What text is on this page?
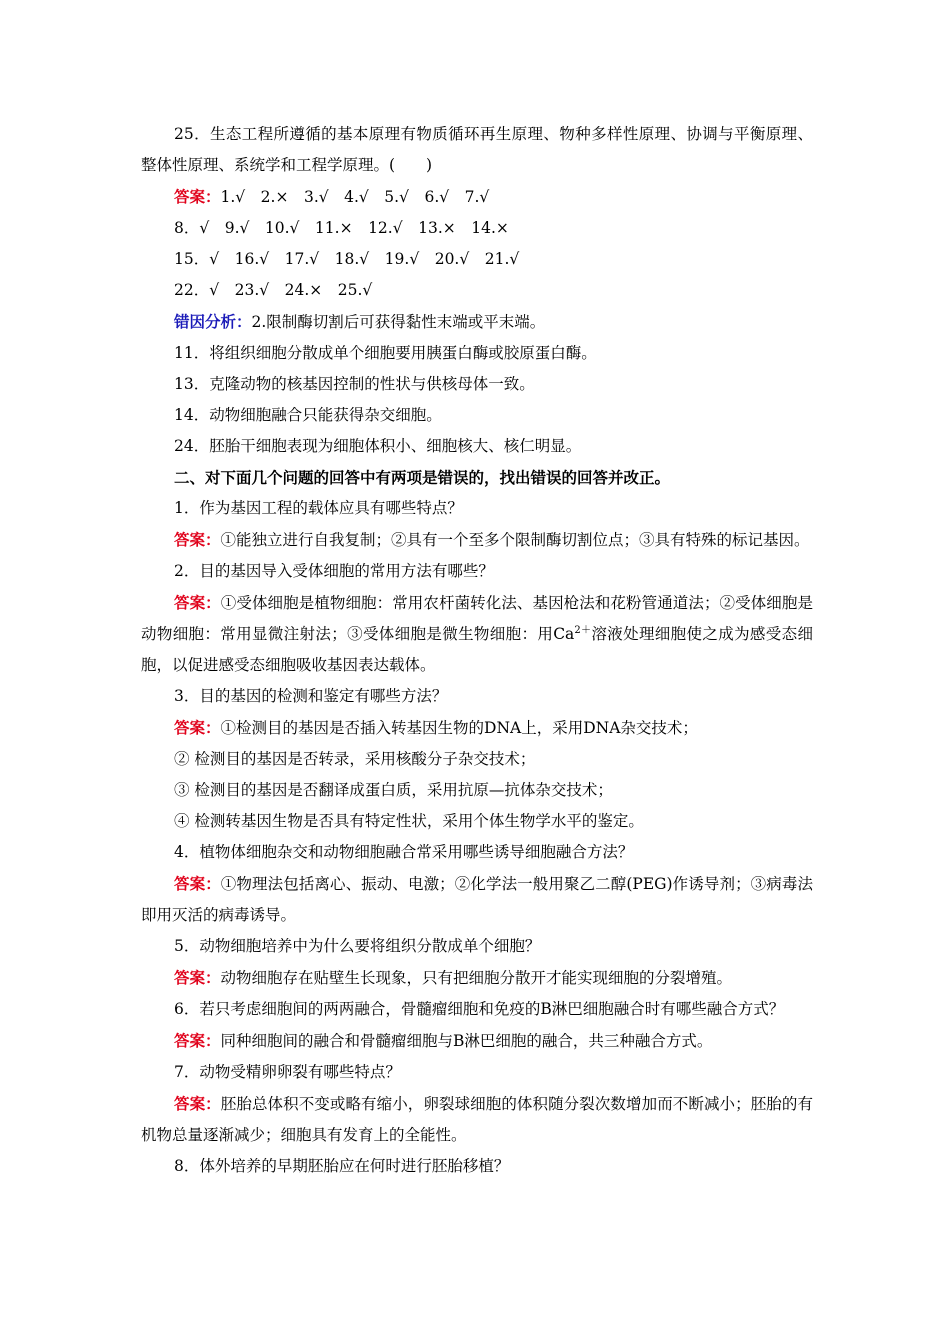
25．生态工程所遵循的基本原理有物质循环再生原理、物种多样性原理、协调与平衡原理、整体性原理、系统学和工程学原理。(　　)

答案：1.√　2.×　3.√　4.√　5.√　6.√　7.√

8．√　9.√　10.√　11.×　12.√　13.×　14.×

15．√　16.√　17.√　18.√　19.√　20.√　21.√

22．√　23.√　24.×　25.√

错因分析：2.限制酶切割后可获得黏性末端或平末端。

11．将组织细胞分散成单个细胞要用胰蛋白酶或胶原蛋白酶。

13．克隆动物的核基因控制的性状与供核母体一致。

14．动物细胞融合只能获得杂交细胞。

24．胚胎干细胞表现为细胞体积小、细胞核大、核仁明显。

二、对下面几个问题的回答中有两项是错误的，找出错误的回答并改正。

1．作为基因工程的载体应具有哪些特点？

答案：①能独立进行自我复制；②具有一个至多个限制酶切割位点；③具有特殊的标记基因。

2．目的基因导入受体细胞的常用方法有哪些？

答案：①受体细胞是植物细胞：常用农杆菌转化法、基因枪法和花粉管通道法；②受体细胞是动物细胞：常用显微注射法；③受体细胞是微生物细胞：用$Ca^{2+}$溶液处理细胞使之成为感受态细胞，以促进感受态细胞吸收基因表达载体。

3．目的基因的检测和鉴定有哪些方法？

答案：①检测目的基因是否插入转基因生物的DNA上，采用DNA杂交技术；

② 检测目的基因是否转录，采用核酸分子杂交技术；

③ 检测目的基因是否翻译成蛋白质，采用抗原—抗体杂交技术；

④ 检测转基因生物是否具有特定性状，采用个体生物学水平的鉴定。

4．植物体细胞杂交和动物细胞融合常采用哪些诱导细胞融合方法？

答案：①物理法包括离心、振动、电激；②化学法一般用聚乙二醇(PEG)作诱导剂；③病毒法即用灭活的病毒诱导。

5．动物细胞培养中为什么要将组织分散成单个细胞？

答案：动物细胞存在贴壁生长现象，只有把细胞分散开才能实现细胞的分裂增殖。

6．若只考虑细胞间的两两融合，骨髓瘤细胞和免疫的B淋巴细胞融合时有哪些融合方式？

答案：同种细胞间的融合和骨髓瘤细胞与B淋巴细胞的融合，共三种融合方式。

7．动物受精卵卵裂有哪些特点？

答案：胚胎总体积不变或略有缩小，卵裂球细胞的体积随分裂次数增加而不断减小；胚胎的有机物总量逐渐减少；细胞具有发育上的全能性。

8．体外培养的早期胚胎应在何时进行胚胎移植？
